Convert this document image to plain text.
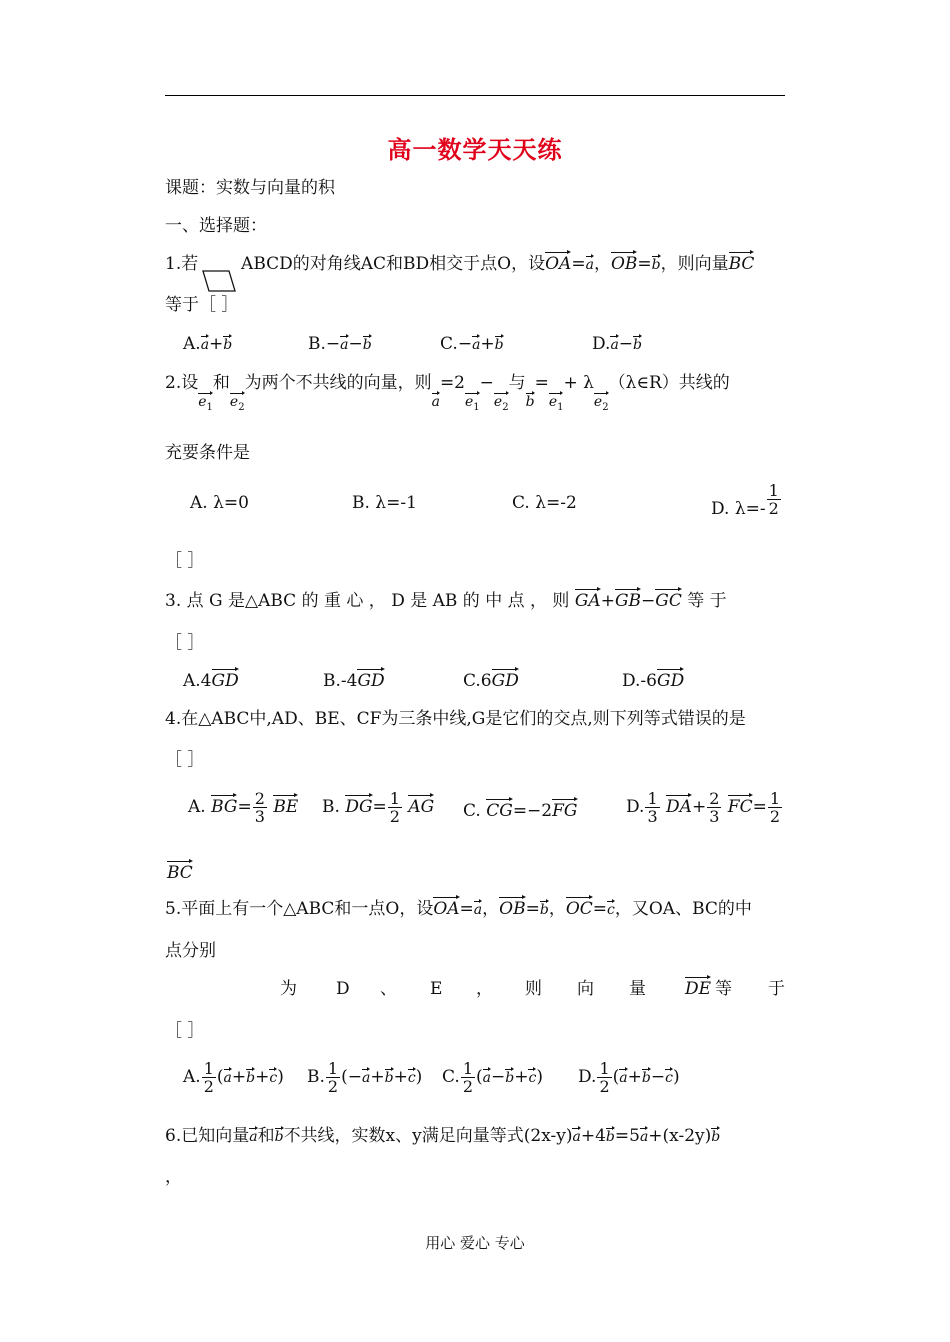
高一数学天天练
课题：实数与向量的积
一、选择题：
1.若	ABCD的对角线AC和BD相交于点O，设
OA=
a，
OB=
b，则向量
BC
等于［ ］
A.
a+
b	B.−
a−
b	C.−
a+
b	D.
a−
b
2.设
$e_1$和
$e_2$为两个不共线的向量，则
a=2
$e_1-$
$e_2$与
b=
$e_1+ \lambda$
$e_2(\lambda\in R)$共线的
充要条件是
A. λ=0	B. λ=-1	C. λ=-2	D. $\lambda=- \frac{1}{2}$
［ ］
3. 点 G 是△ABC 的 重 心 ， D 是 AB 的 中 点 ， 则 GA+
GB−
GC 等 于
［ ］
A.4
GD	B.-4
GD	C.6
GD	D.-6
GD
4.在△ABC中,AD、BE、CF为三条中线,G是它们的交点,则下列等式错误的是
［ ］
A. $BG= \frac{2}{3}$
BE B. $DG= \frac{1}{2}$
AG C. CG=−2
FG	D. $\frac{1}{3}$
$DA+ \frac{2}{3}$
$FC= \frac{1}{2}$
BC
5.平面上有一个△ABC和一点O，设
OA=
a，
OB=
b，
OC=
c，又OA、BC的中
点分别
为 D 、 E ， 则 向 量 DE 等 于
［ ］
A. $\frac{1}{2}$ (
a+
b+
c) B. $\frac{1}{2}$ (−
a+
b+
c) C. $\frac{1}{2}$ (
a−
b+
c) D. $\frac{1}{2}$ (
a+
b−
c)
6.已知向量
a和
b不共线，实数x、y满足向量等式(2x-y)
a+4
b=5
a+(x-2y)
b
，
用心 爱心 专心
